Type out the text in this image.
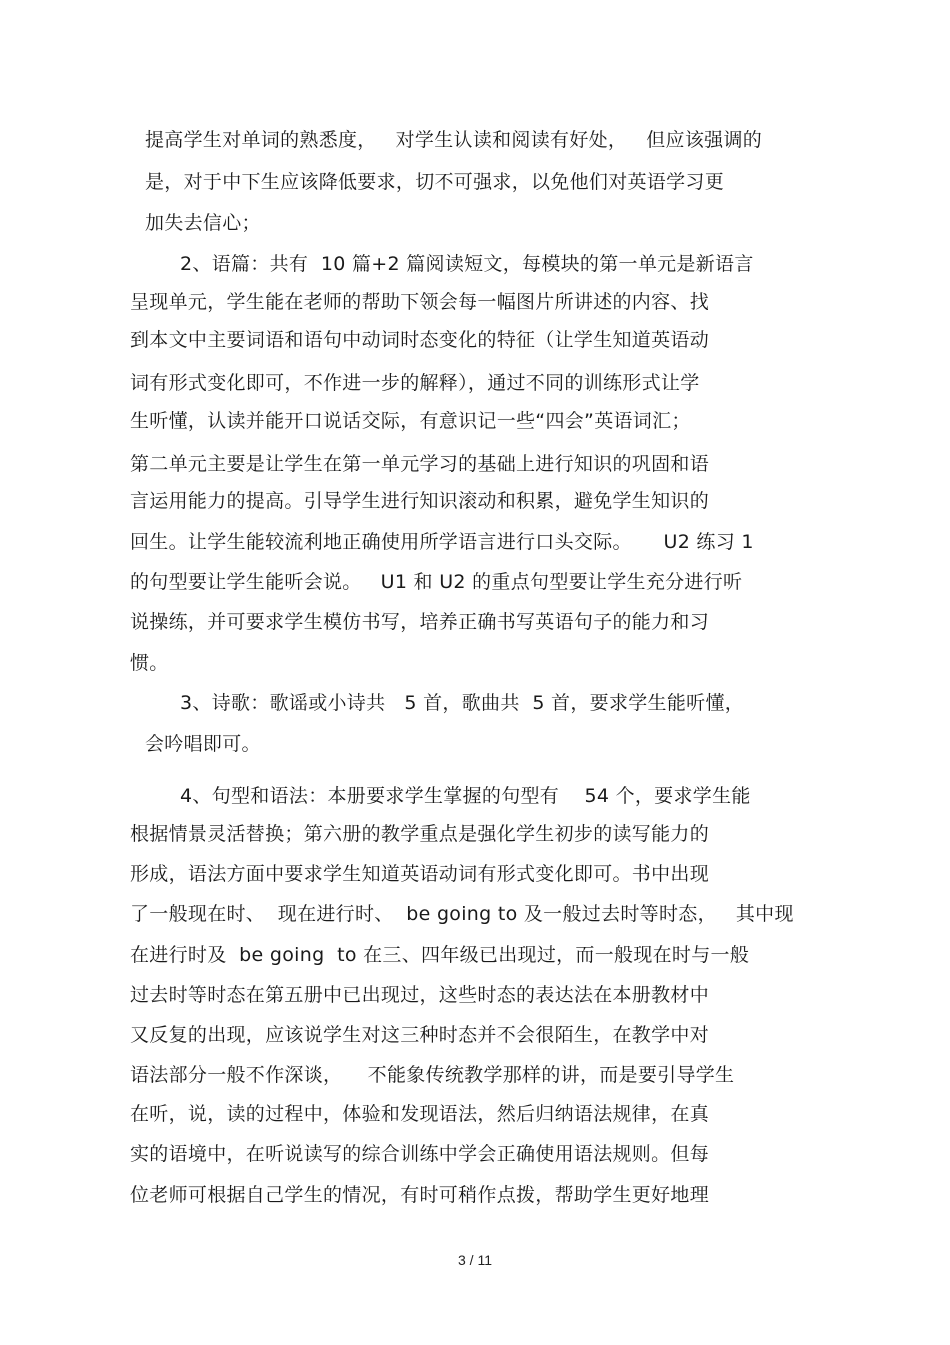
提高学生对单词的熟悉度，   对学生认读和阅读有好处，   但应该强调的
是，对于中下生应该降低要求，切不可强求，以免他们对英语学习更
加失去信心；
2、语篇：共有  10 篇+2 篇阅读短文，每模块的第一单元是新语言
呈现单元，学生能在老师的帮助下领会每一幅图片所讲述的内容、找
到本文中主要词语和语句中动词时态变化的特征（让学生知道英语动
词有形式变化即可，不作进一步的解释），通过不同的训练形式让学
生听懂，认读并能开口说话交际，有意识记一些“四会”英语词汇；
第二单元主要是让学生在第一单元学习的基础上进行知识的巩固和语
言运用能力的提高。引导学生进行知识滚动和积累，避免学生知识的
回生。让学生能较流利地正确使用所学语言进行口头交际。     U2 练习 1
的句型要让学生能听会说。   U1 和 U2 的重点句型要让学生充分进行听
说操练，并可要求学生模仿书写，培养正确书写英语句子的能力和习
惯。
3、诗歌：歌谣或小诗共   5 首，歌曲共  5 首，要求学生能听懂，
会吟唱即可。
4、句型和语法：本册要求学生掌握的句型有    54 个，要求学生能
根据情景灵活替换；第六册的教学重点是强化学生初步的读写能力的
形成，语法方面中要求学生知道英语动词有形式变化即可。书中出现
了一般现在时、  现在进行时、  be going to 及一般过去时等时态，   其中现
在进行时及  be going  to 在三、四年级已出现过，而一般现在时与一般
过去时等时态在第五册中已出现过，这些时态的表达法在本册教材中
又反复的出现，应该说学生对这三种时态并不会很陌生，在教学中对
语法部分一般不作深谈，    不能象传统教学那样的讲，而是要引导学生
在听，说，读的过程中，体验和发现语法，然后归纳语法规律，在真
实的语境中，在听说读写的综合训练中学会正确使用语法规则。但每
位老师可根据自己学生的情况，有时可稍作点拨，帮助学生更好地理
3 / 11
